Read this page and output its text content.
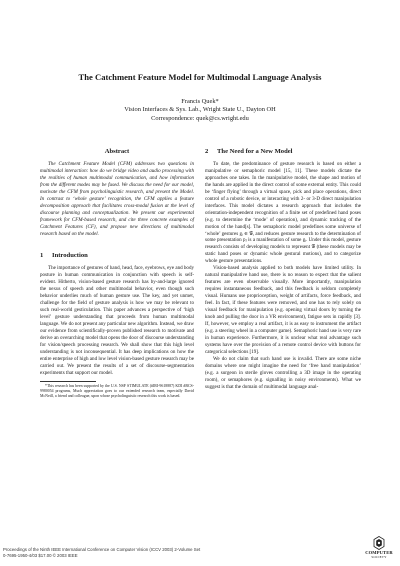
The Catchment Feature Model for Multimodal Language Analysis
Francis Quek*
Vision Interfaces & Sys. Lab., Wright State U., Dayton OH
Correspondence: quek@cs.wright.edu
Abstract

The Catchment Feature Model (CFM) addresses two questions in multimodal interaction: how do we bridge video and audio processing with the realities of human multimodal communication, and how information from the different modes may be fused. We discuss the need for our model, motivate the CFM from psycholinguistic research, and present the Model. In contrast to ‘whole gesture’ recognition, the CFM applies a feature decomposition approach that facilitates cross-modal fusion at the level of discourse planning and conceptualization. We present our experimental framework for CFM-based research, and cite three concrete examples of Catchment Features (CF), and propose new directions of multimodal research based on the model.

1 Introduction

The importance of gestures of hand, head, face, eyebrows, eye and body posture in human communication in conjunction with speech is self-evident. Hitherto, vision-based gesture research has by-and-large ignored the nexus of speech and other multimodal behavior, even though such behavior underlies much of human gesture use. The key, and yet unmet, challenge for the field of gesture analysis is how we may be relevant to such real-world gesticulation. This paper advances a perspective of ‘high level’ gesture understanding that proceeds from human multimodal language. We do not present any particular new algorithm. Instead, we draw our evidence from scientifically-proven published research to motivate and derive an overarching model that opens the door of discourse understanding for vision/speech processing research. We shall show that this high level understanding is not inconsequential. It has deep implications on how the entire enterprise of high and low level vision-based gesture research may be carried out. We present the results of a set of discourse-segmentation experiments that support our model.

*This research has been supported by the U.S. NSF STIMULATE (#IRI-9618887) KDI #BCS-9980054 programs, Much appreciation goes to our extended research team, especially David McNeill, a friend and colleague, upon whose psycholinguistic research this work is based.

2 The Need for a New Model

To date, the predominance of gesture research is based on either a manipulative or semaphoric model [15, 11]. These models dictate the approaches one takes. In the manipulative model, the shape and motion of the hands are applied in the direct control of some external entity. This could be ‘finger flying’ through a virtual space, pick and place operations, direct control of a robotic device, or interacting with 2- or 3-D direct manipulation interfaces. This model dictates a research approach that includes the orientation-independent recognition of a finite set of predefined hand poses (e.g. to determine the ‘mode’ of operation), and dynamic tracking of the motion of the hand[s]. The semaphoric model predefines some universe of ‘whole’ gestures gᵢ ∈ 𝒢, and reduces gesture research to the determination of some presentation pⱼ is a manifestation of some gᵢ. Under this model, gesture research consists of developing models to represent 𝒢 (these models may be static hand poses or dynamic whole gestural motions), and to categorize whole gesture presentations.

Vision-based analysis applied to both models have limited utility. In natural manipulative hand use, there is no reason to expect that the salient features are even observable visually. More importantly, manipulation requires instantaneous feedback, and this feedback is seldom completely visual. Humans use proprioception, weight of artifacts, force feedback, and feel. In fact, if these features were removed, and one has to rely solely on visual feedback for manipulation (e.g. opening virtual doors by turning the knob and pulling the door in a VR environment), fatigue sets in rapidly [3]. If, however, we employ a real artifact, it is as easy to instrument the artifact (e.g. a steering wheel in a computer game). Semaphoric hand use is very rare in human experience. Furthermore, it is unclear what real advantage such systems have over the provision of a remote control device with buttons for categorical selections [19].

We do not claim that such hand use is invalid. There are some niche domains where one might imagine the need for ‘free hand manipulation’ (e.g. a surgeon in sterile gloves controlling a 3D image in the operating room), or semaphores (e.g. signalling in noisy environments). What we suggest is that the domain of multimodal language anal-

Proceedings of the Ninth IEEE International Conference on Computer Vision (ICCV 2003) 2-Volume Set
0-7695-1950-4/03 $17.00 © 2003 IEEE
COMPUTER
SOCIETY
